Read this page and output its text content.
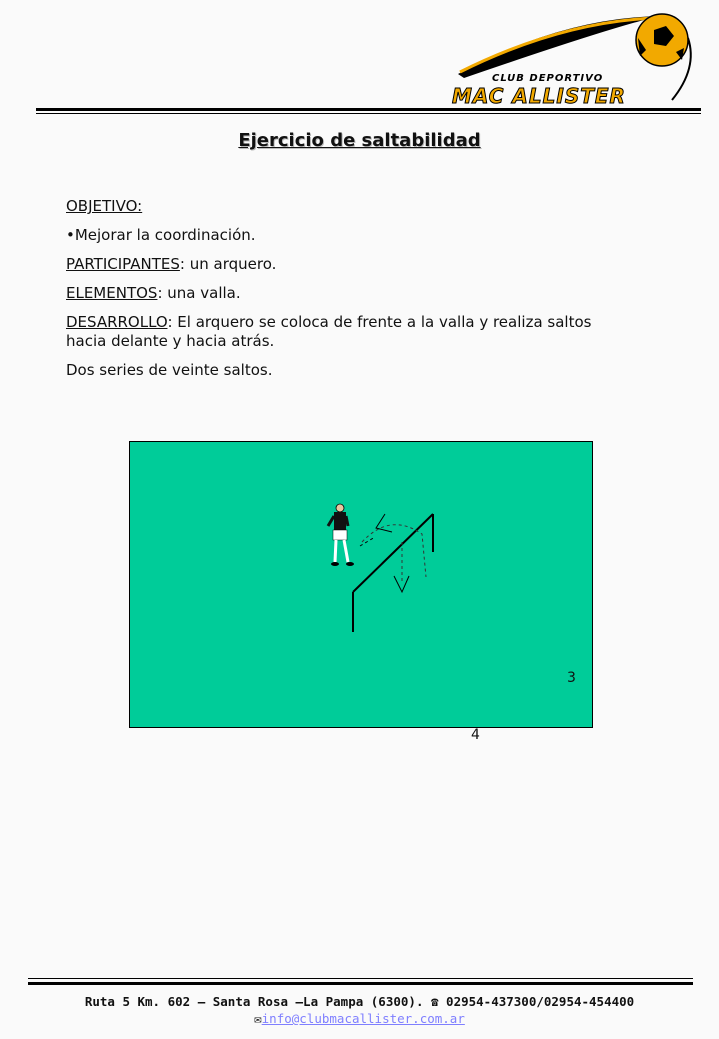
CLUB DEPORTIVO
MAC ALLISTER
Ejercicio de saltabilidad

OBJETIVO:

•Mejorar la coordinación.

PARTICIPANTES: un arquero.

ELEMENTOS: una valla.

DESARROLLO: El arquero se coloca de frente a la valla y realiza saltos hacia delante y hacia atrás.

Dos series de veinte saltos.

3
4
Ruta 5 Km. 602 – Santa Rosa –La Pampa (6300). ☎ 02954-437300/02954-454400
✉info@clubmacallister.com.ar
